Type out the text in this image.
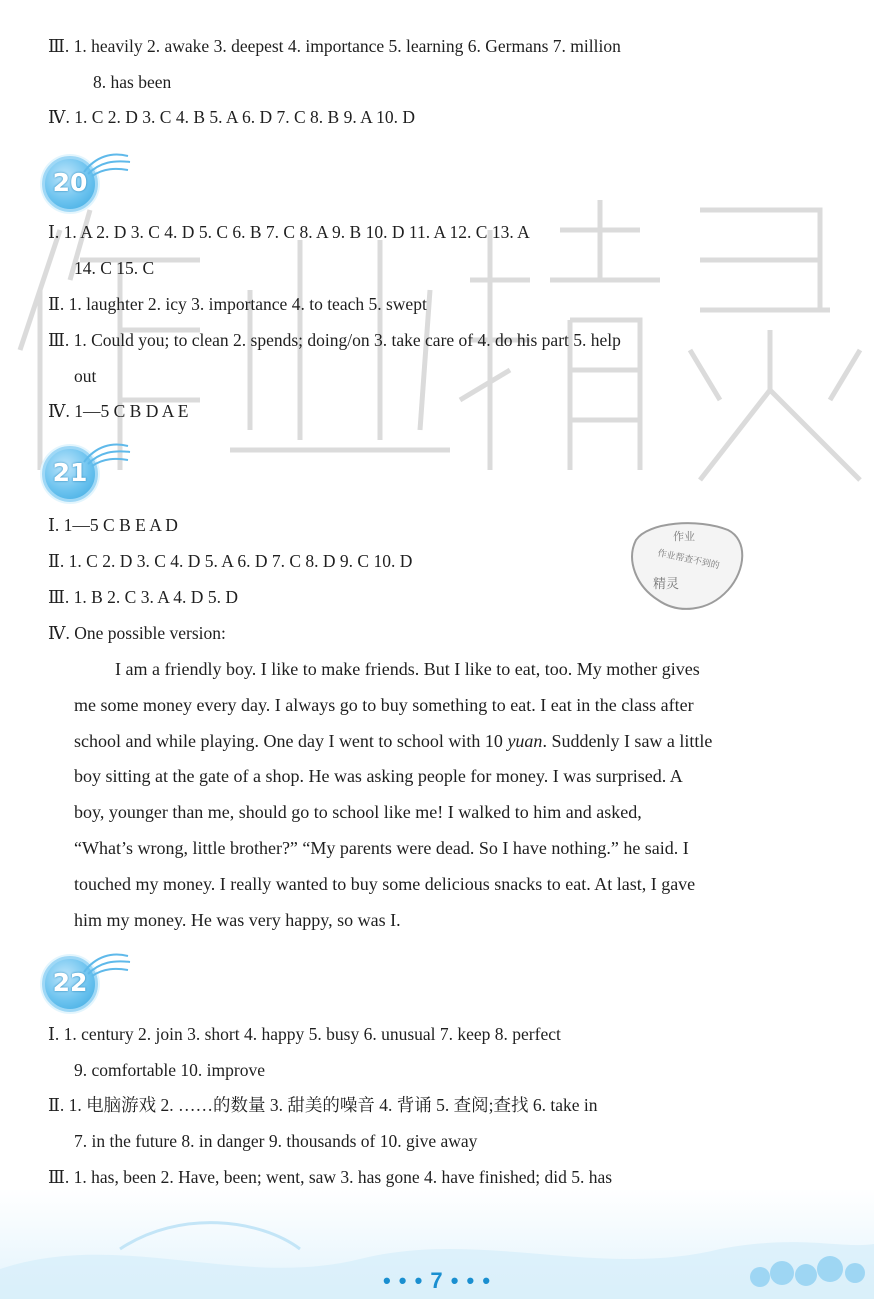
Ⅲ. 1. heavily 2. awake 3. deepest 4. importance 5. learning 6. Germans 7. million
8. has been
Ⅳ. 1. C 2. D 3. C 4. B 5. A 6. D 7. C 8. B 9. A 10. D
20
Ⅰ. 1. A 2. D 3. C 4. D 5. C 6. B 7. C 8. A 9. B 10. D 11. A 12. C 13. A
14. C 15. C
Ⅱ. 1. laughter 2. icy 3. importance 4. to teach 5. swept
Ⅲ. 1. Could you; to clean 2. spends; doing/on 3. take care of 4. do his part 5. help
out
Ⅳ. 1—5 C B D A E
21
Ⅰ. 1—5 C B E A D
Ⅱ. 1. C 2. D 3. C 4. D 5. A 6. D 7. C 8. D 9. C 10. D
Ⅲ. 1. B 2. C 3. A 4. D 5. D
Ⅳ. One possible version:
I am a friendly boy. I like to make friends. But I like to eat, too. My mother gives
me some money every day. I always go to buy something to eat. I eat in the class after
school and while playing. One day I went to school with 10 yuan. Suddenly I saw a little
boy sitting at the gate of a shop. He was asking people for money. I was surprised. A
boy, younger than me, should go to school like me! I walked to him and asked,
“What’s wrong, little brother?” “My parents were dead. So I have nothing.” he said. I
touched my money. I really wanted to buy some delicious snacks to eat. At last, I gave
him my money. He was very happy, so was I.
作业
作业帮查不到的
精灵
22
Ⅰ. 1. century 2. join 3. short 4. happy 5. busy 6. unusual 7. keep 8. perfect
9. comfortable 10. improve
Ⅱ. 1. 电脑游戏 2. ……的数量 3. 甜美的噪音 4. 背诵 5. 查阅;查找 6. take in
7. in the future 8. in danger 9. thousands of 10. give away
Ⅲ. 1. has, been 2. Have, been; went, saw 3. has gone 4. have finished; did 5. has
• • • 7 • • •
